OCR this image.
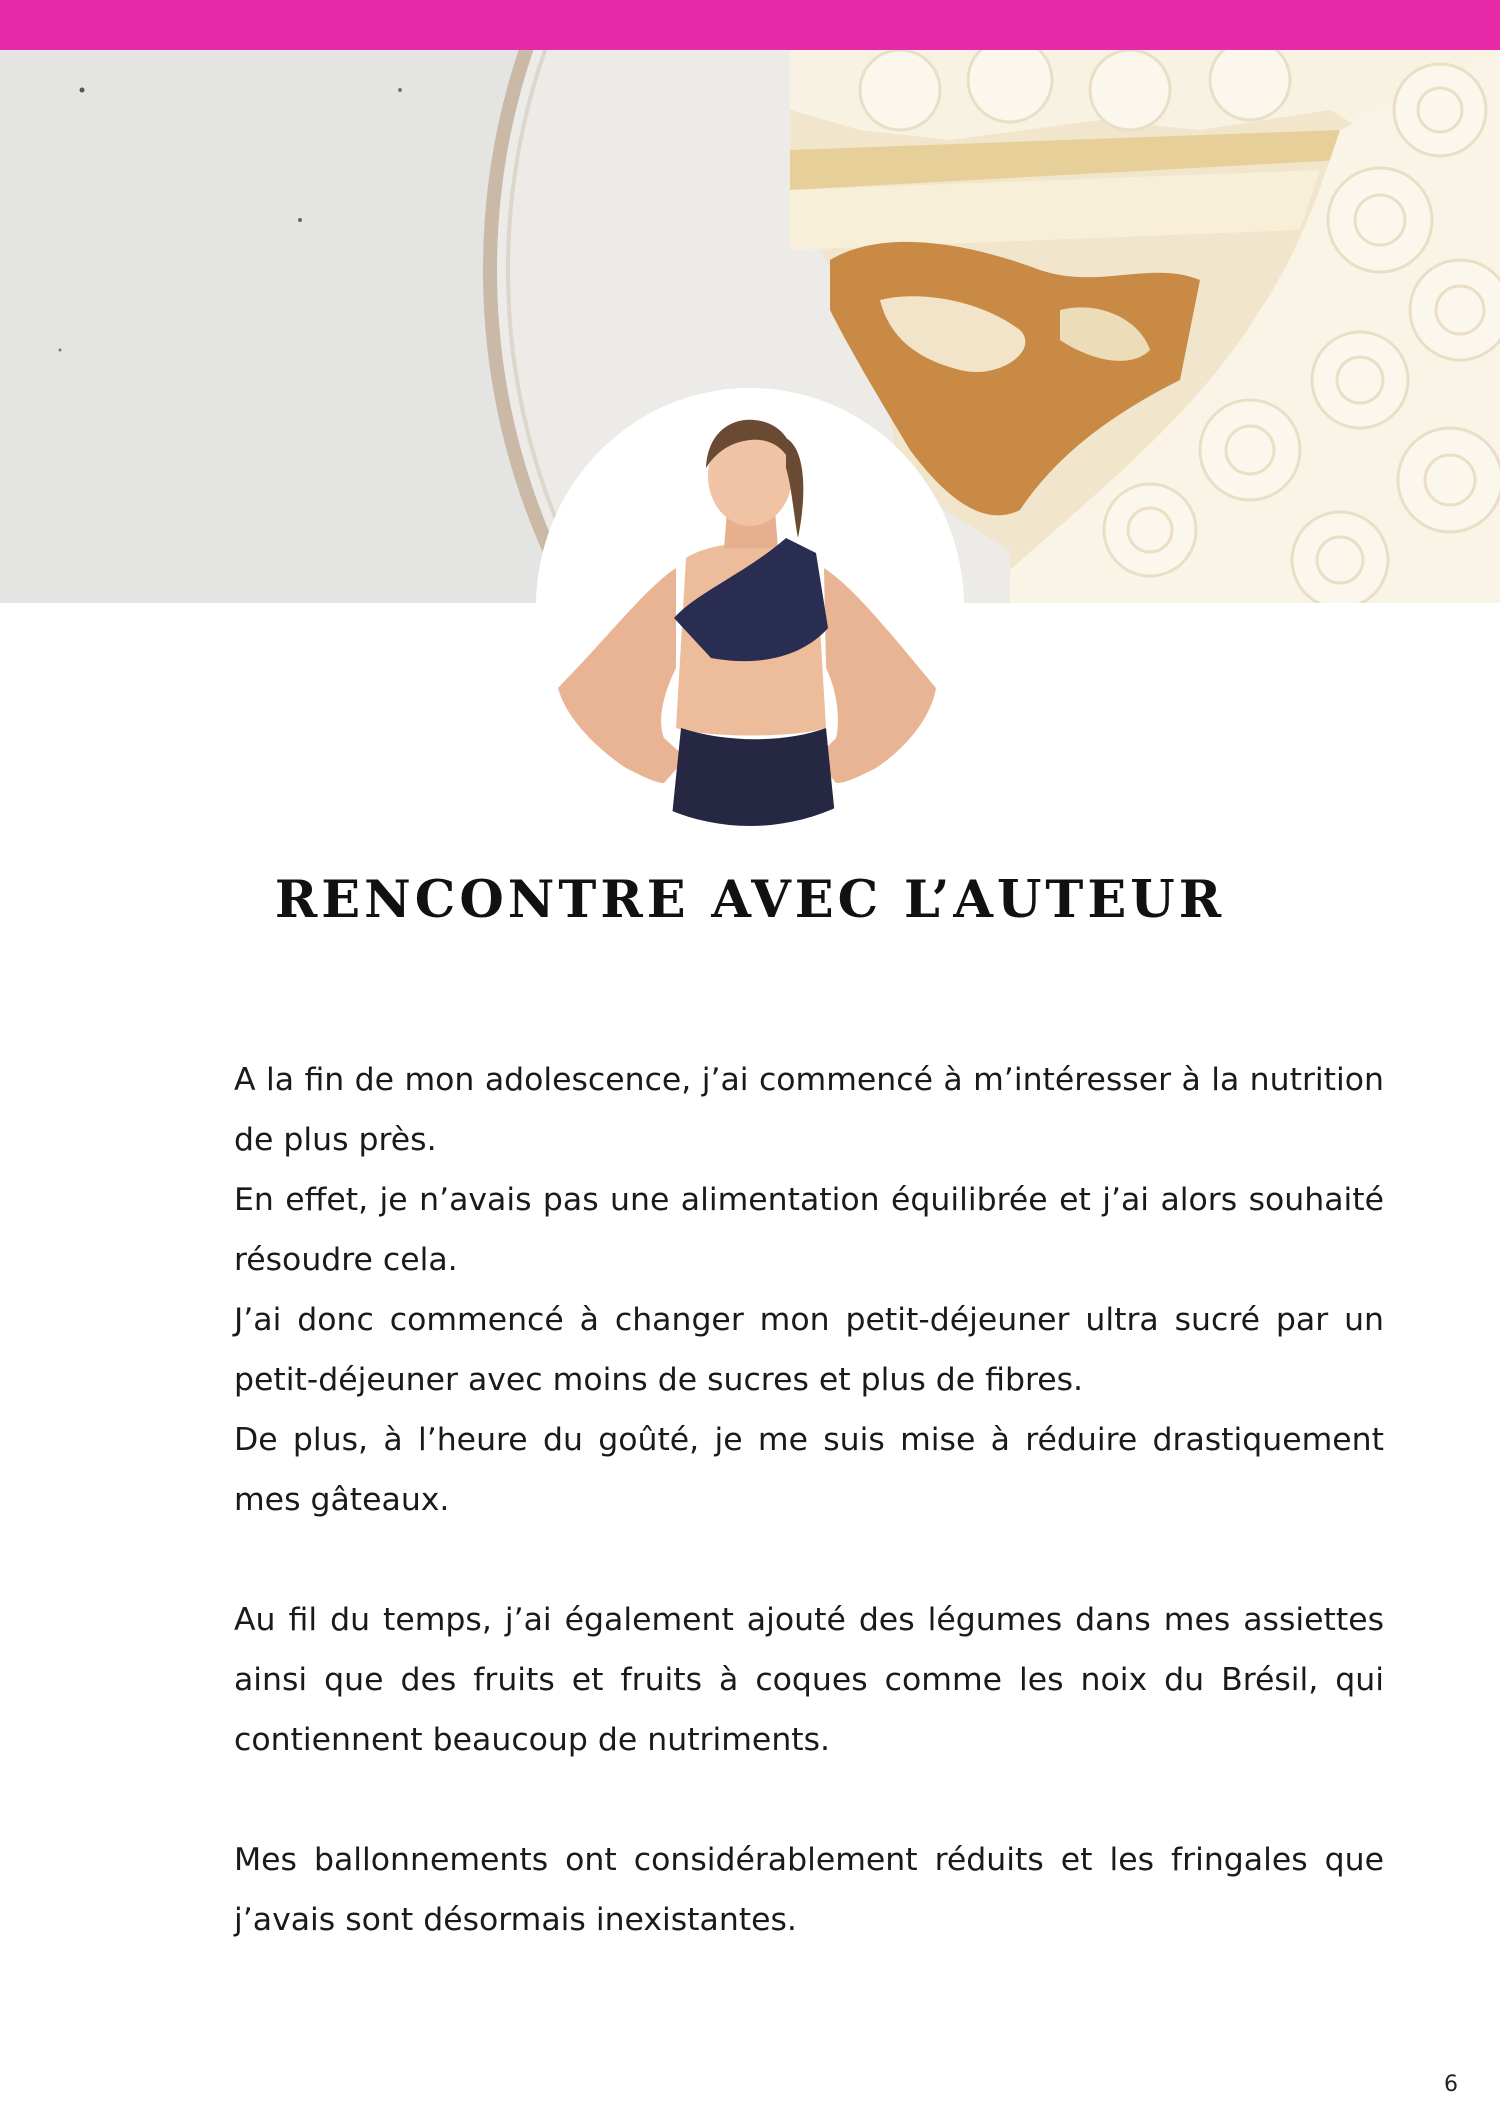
RENCONTRE AVEC L’AUTEUR

A la fin de mon adolescence, j’ai commencé à m’intéresser à la nutrition de plus près.

En effet, je n’avais pas une alimentation équilibrée et j’ai alors souhaité résoudre cela.

J’ai donc commencé à changer mon petit-déjeuner ultra sucré par un petit-déjeuner avec moins de sucres et plus de fibres.

De plus, à l’heure du goûté, je me suis mise à réduire drastiquement mes gâteaux.

Au fil du temps, j’ai également ajouté des légumes dans mes assiettes ainsi que des fruits et fruits à coques comme les noix du Brésil, qui contiennent beaucoup de nutriments.

Mes ballonnements ont considérablement réduits et les fringales que j’avais sont désormais inexistantes.

6
